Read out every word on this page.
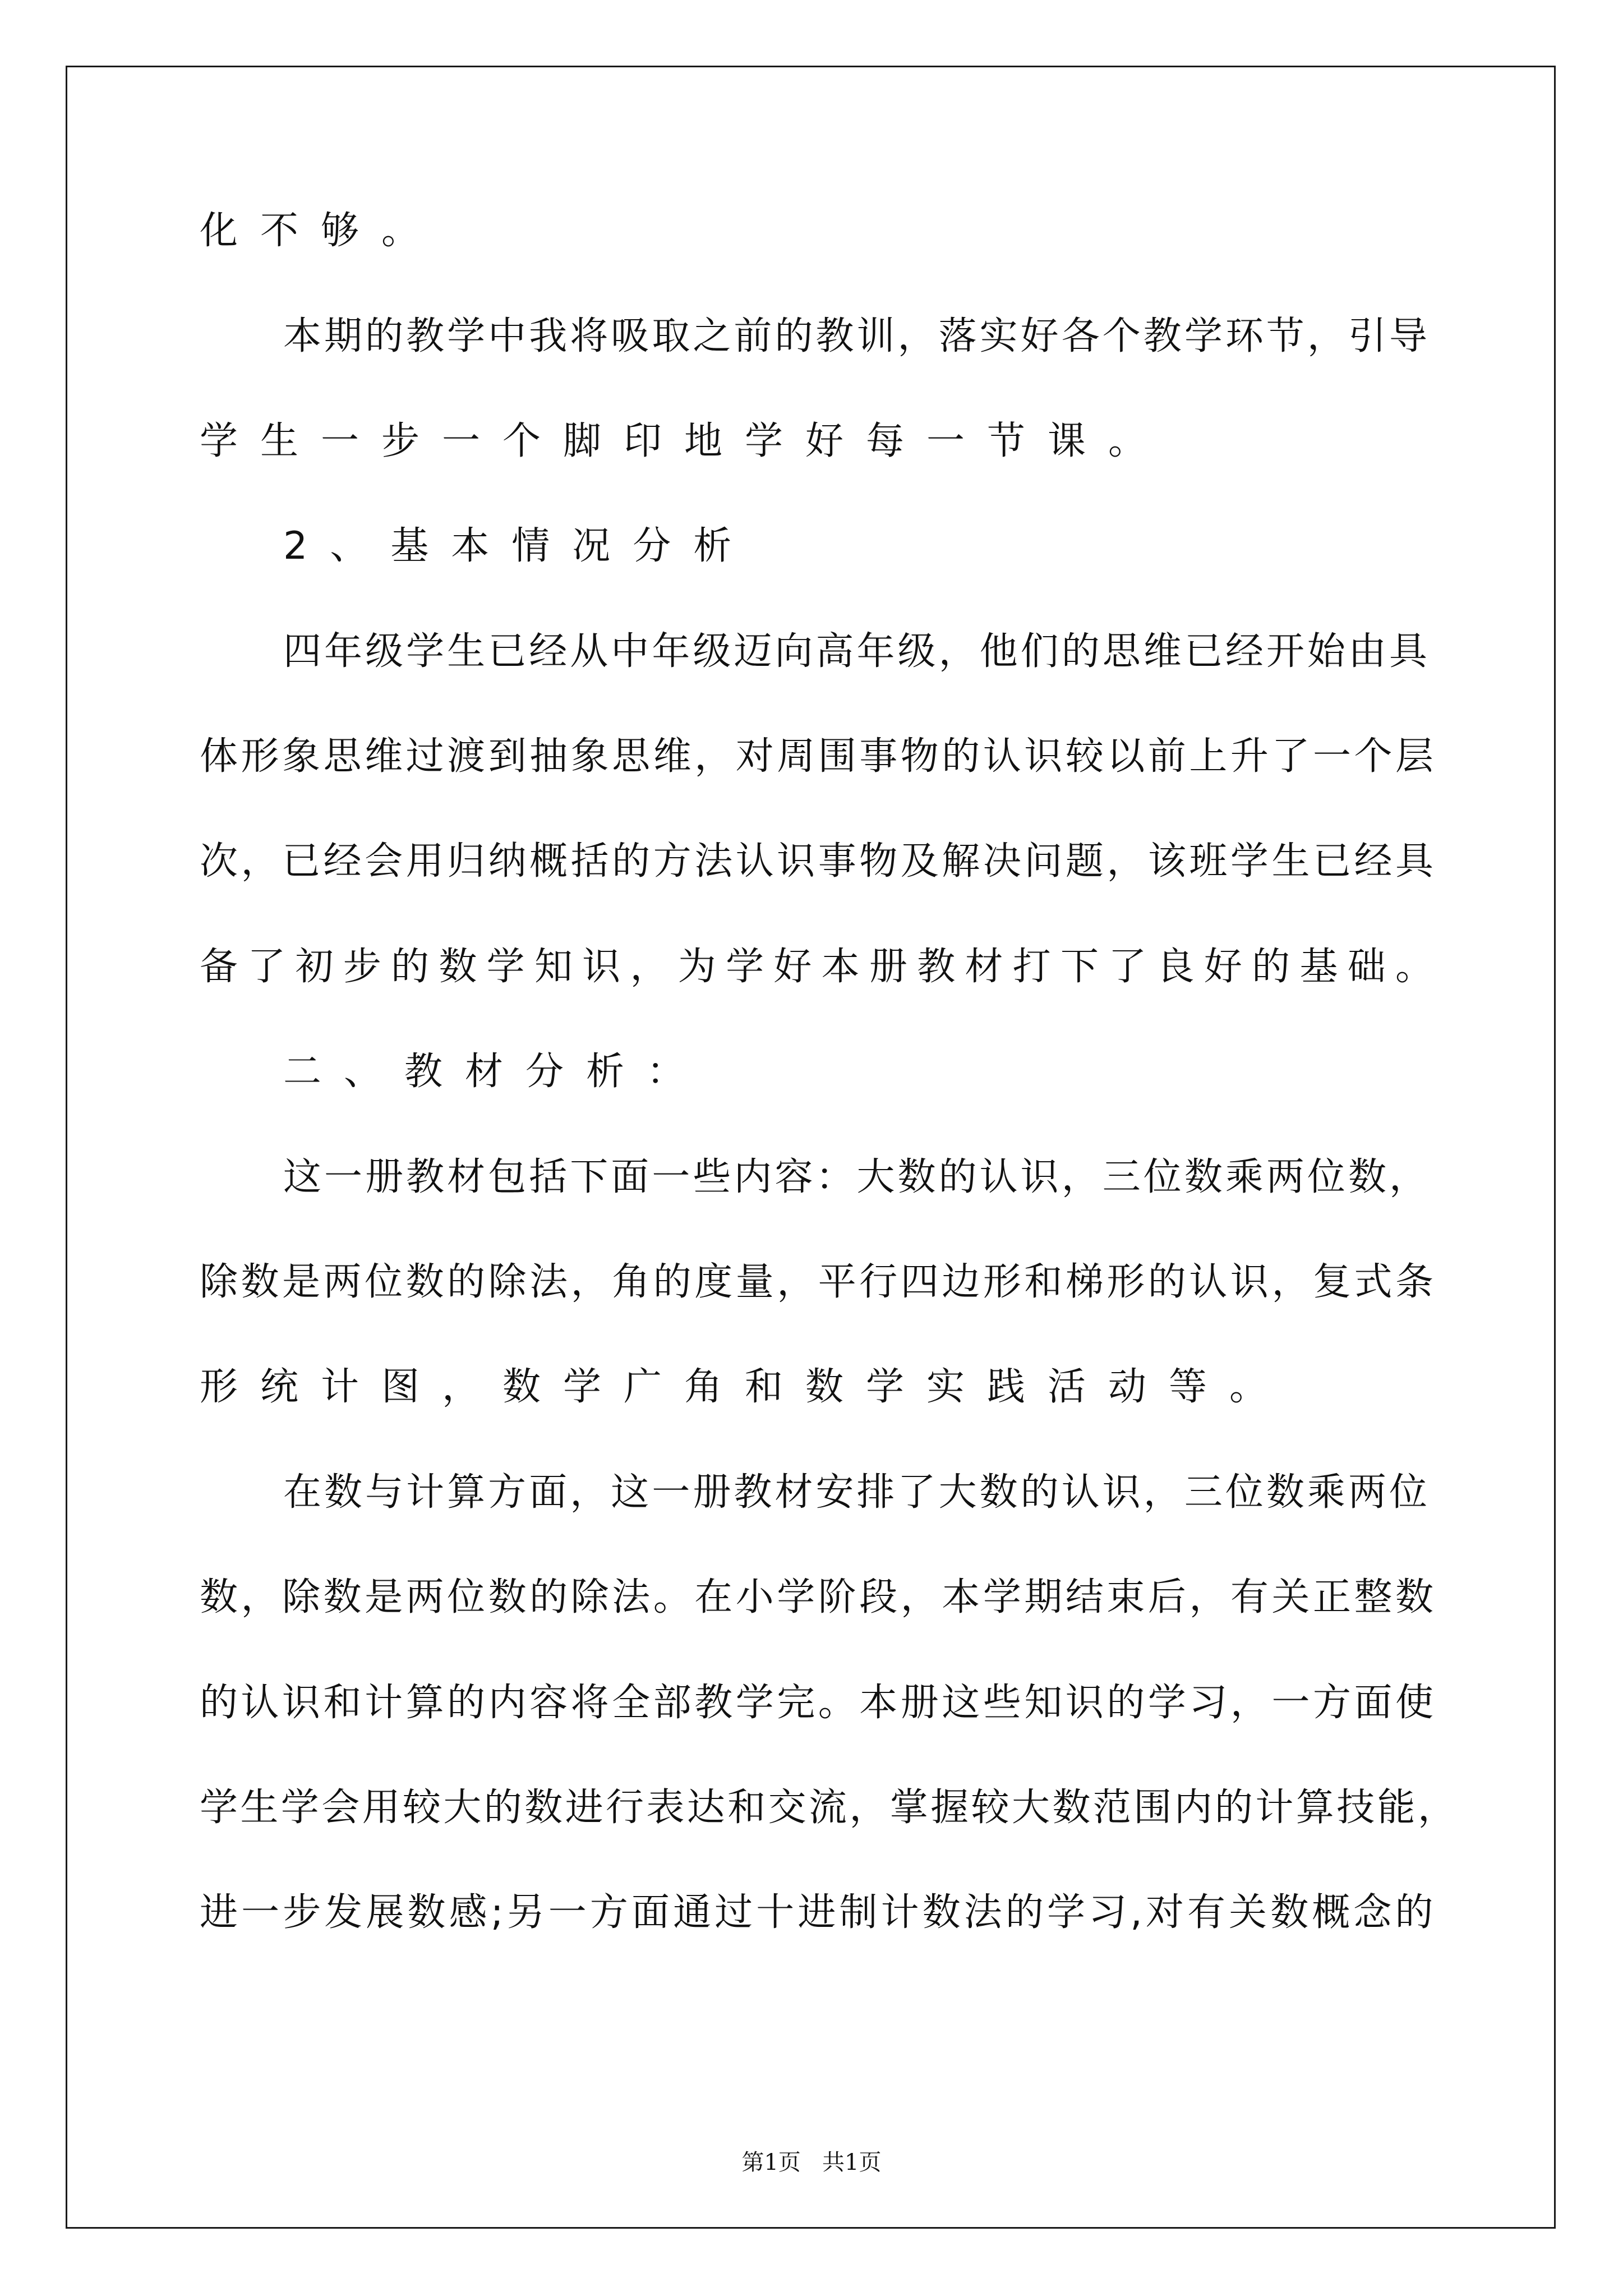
化不够。

本期的教学中我将吸取之前的教训，落实好各个教学环节，引导

学生一步一个脚印地学好每一节课。

2、基本情况分析

四年级学生已经从中年级迈向高年级，他们的思维已经开始由具

体形象思维过渡到抽象思维，对周围事物的认识较以前上升了一个层

次，已经会用归纳概括的方法认识事物及解决问题，该班学生已经具

备了初步的数学知识，为学好本册教材打下了良好的基础。

二、教材分析：

这一册教材包括下面一些内容：大数的认识，三位数乘两位数，

除数是两位数的除法，角的度量，平行四边形和梯形的认识，复式条

形统计图，数学广角和数学实践活动等。

在数与计算方面，这一册教材安排了大数的认识，三位数乘两位

数，除数是两位数的除法。在小学阶段，本学期结束后，有关正整数

的认识和计算的内容将全部教学完。本册这些知识的学习，一方面使

学生学会用较大的数进行表达和交流，掌握较大数范围内的计算技能，

进一步发展数感;另一方面通过十进制计数法的学习,对有关数概念的

第1页   共1页
